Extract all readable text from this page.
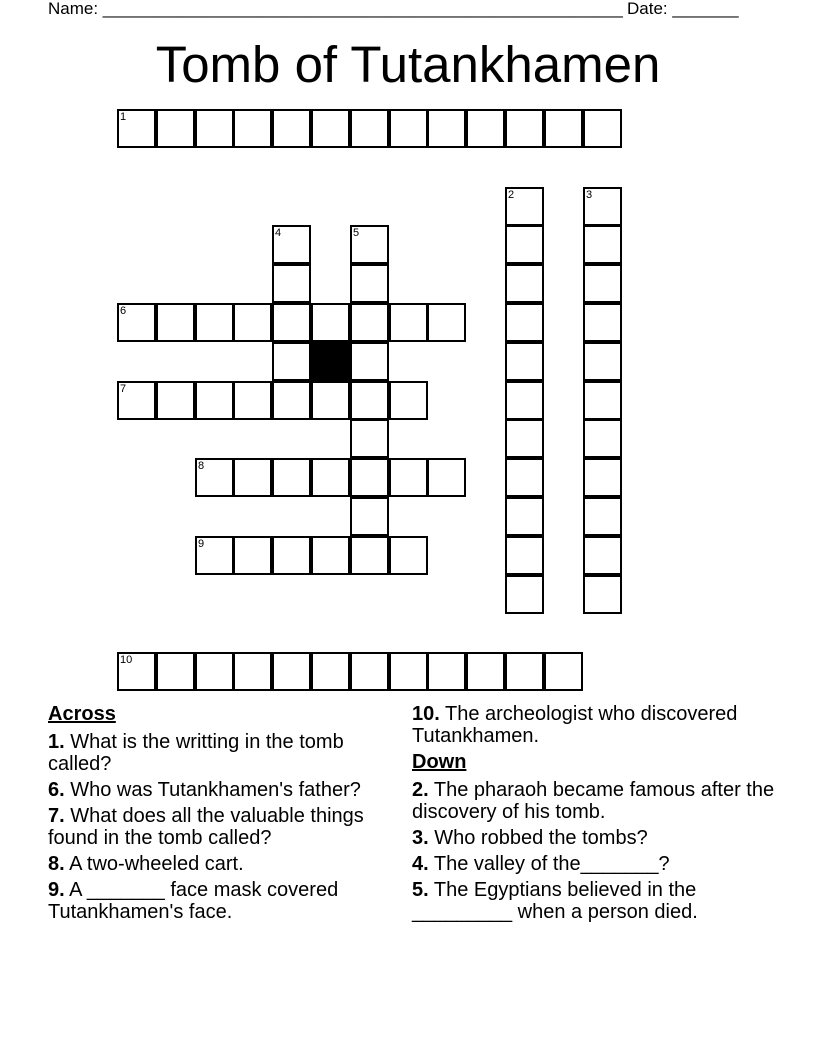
Name: _______________________________________________________ Date: _______
Tomb of Tutankhamen
1
2	3
4	5
6
7
8
9
10
Across
1. What is the writting in the tomb called?
6. Who was Tutankhamen's father?
7. What does all the valuable things found in the tomb called?
8. A two-wheeled cart.
9. A _______ face mask covered Tutankhamen's face.
10. The archeologist who discovered Tutankhamen.
Down
2. The pharaoh became famous after the discovery of his tomb.
3. Who robbed the tombs?
4. The valley of the_______?
5. The Egyptians believed in the _________ when a person died.
